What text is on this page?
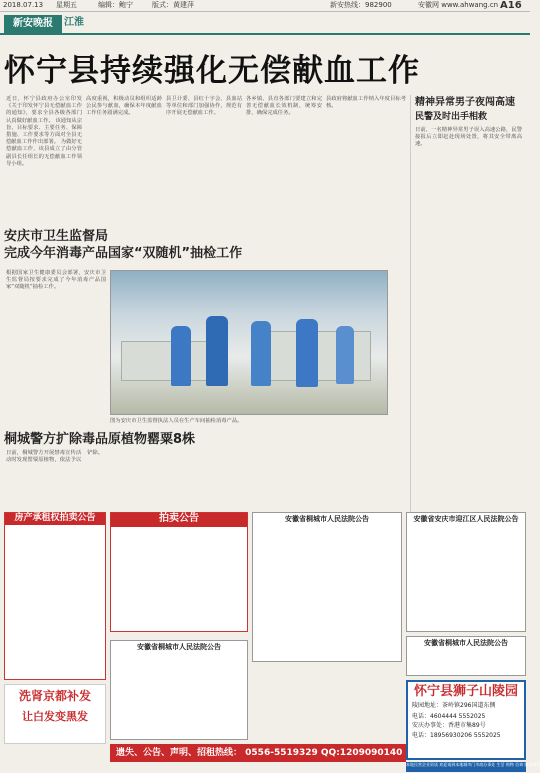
2018.07.13 星期五	编辑：鲍宁	版式：黄建萍	新安热线：982900	安徽网 www.ahwang.cn A16
新安晚报	江淮
怀宁县持续强化无偿献血工作
近日，怀宁县政府办公室印发《关于印发怀宁县无偿献血工作的通知》，要求全县各级各部门认真做好献血工作。 该通知从宗旨、目标要求、主要任务、保障措施、工作要求等方面对全县无偿献血工作作出部署。 为做好无偿献血工作，该县成立了由分管副县长任组长的无偿献血工作领导小组。
高度重视，积极动员和组织适龄公民参与献血，确保本年度献血工作任务圆满完成。
县卫计委、县红十字会、县血站等单位和部门加强协作，规范有序开展无偿献血工作。
各乡镇、县直各部门要建立和完善无偿献血长效机制，统筹安排，确保完成任务。
县政府将献血工作纳入年度目标考核。	精神异常男子夜闯高速
民警及时出手相救
日前，一名精神异常男子误入高速公路，民警接报后立即赶赴现场处置，将其安全带离高速。
安庆市卫生监督局
完成今年消毒产品国家“双随机”抽检工作
根据国家卫生健康委员会部署，安庆市卫生监督局按要求完成了今年消毒产品国家“双随机”抽检工作。
图为安庆市卫生监督执法人员在生产车间抽检消毒产品。
桐城警方扩除毒品原植物罂粟8株
日前，桐城警方开展禁毒宣传活动时发现罂粟原植物，依法予以铲除。
房产承租权拍卖公告	拍卖公告	安徽省桐城市人民法院公告	安徽省安庆市迎江区人民法院公告
安徽省桐城市人民法院公告	安徽省桐城市人民法院公告
洗肾京都补发
让白发变黑发
遗失、公告、声明、招租热线： 0556-5519329 QQ:1209090140
怀宁县狮子山陵园
陵园地址：茶岭镇296国道东侧
电话：4604444 5552025
安庆办事处：香港市集89号
电话：18956930206 5552025
本地民营企业资质 欢迎请到本地城市门市商办事处 生活 购物 咨询 服务周到
